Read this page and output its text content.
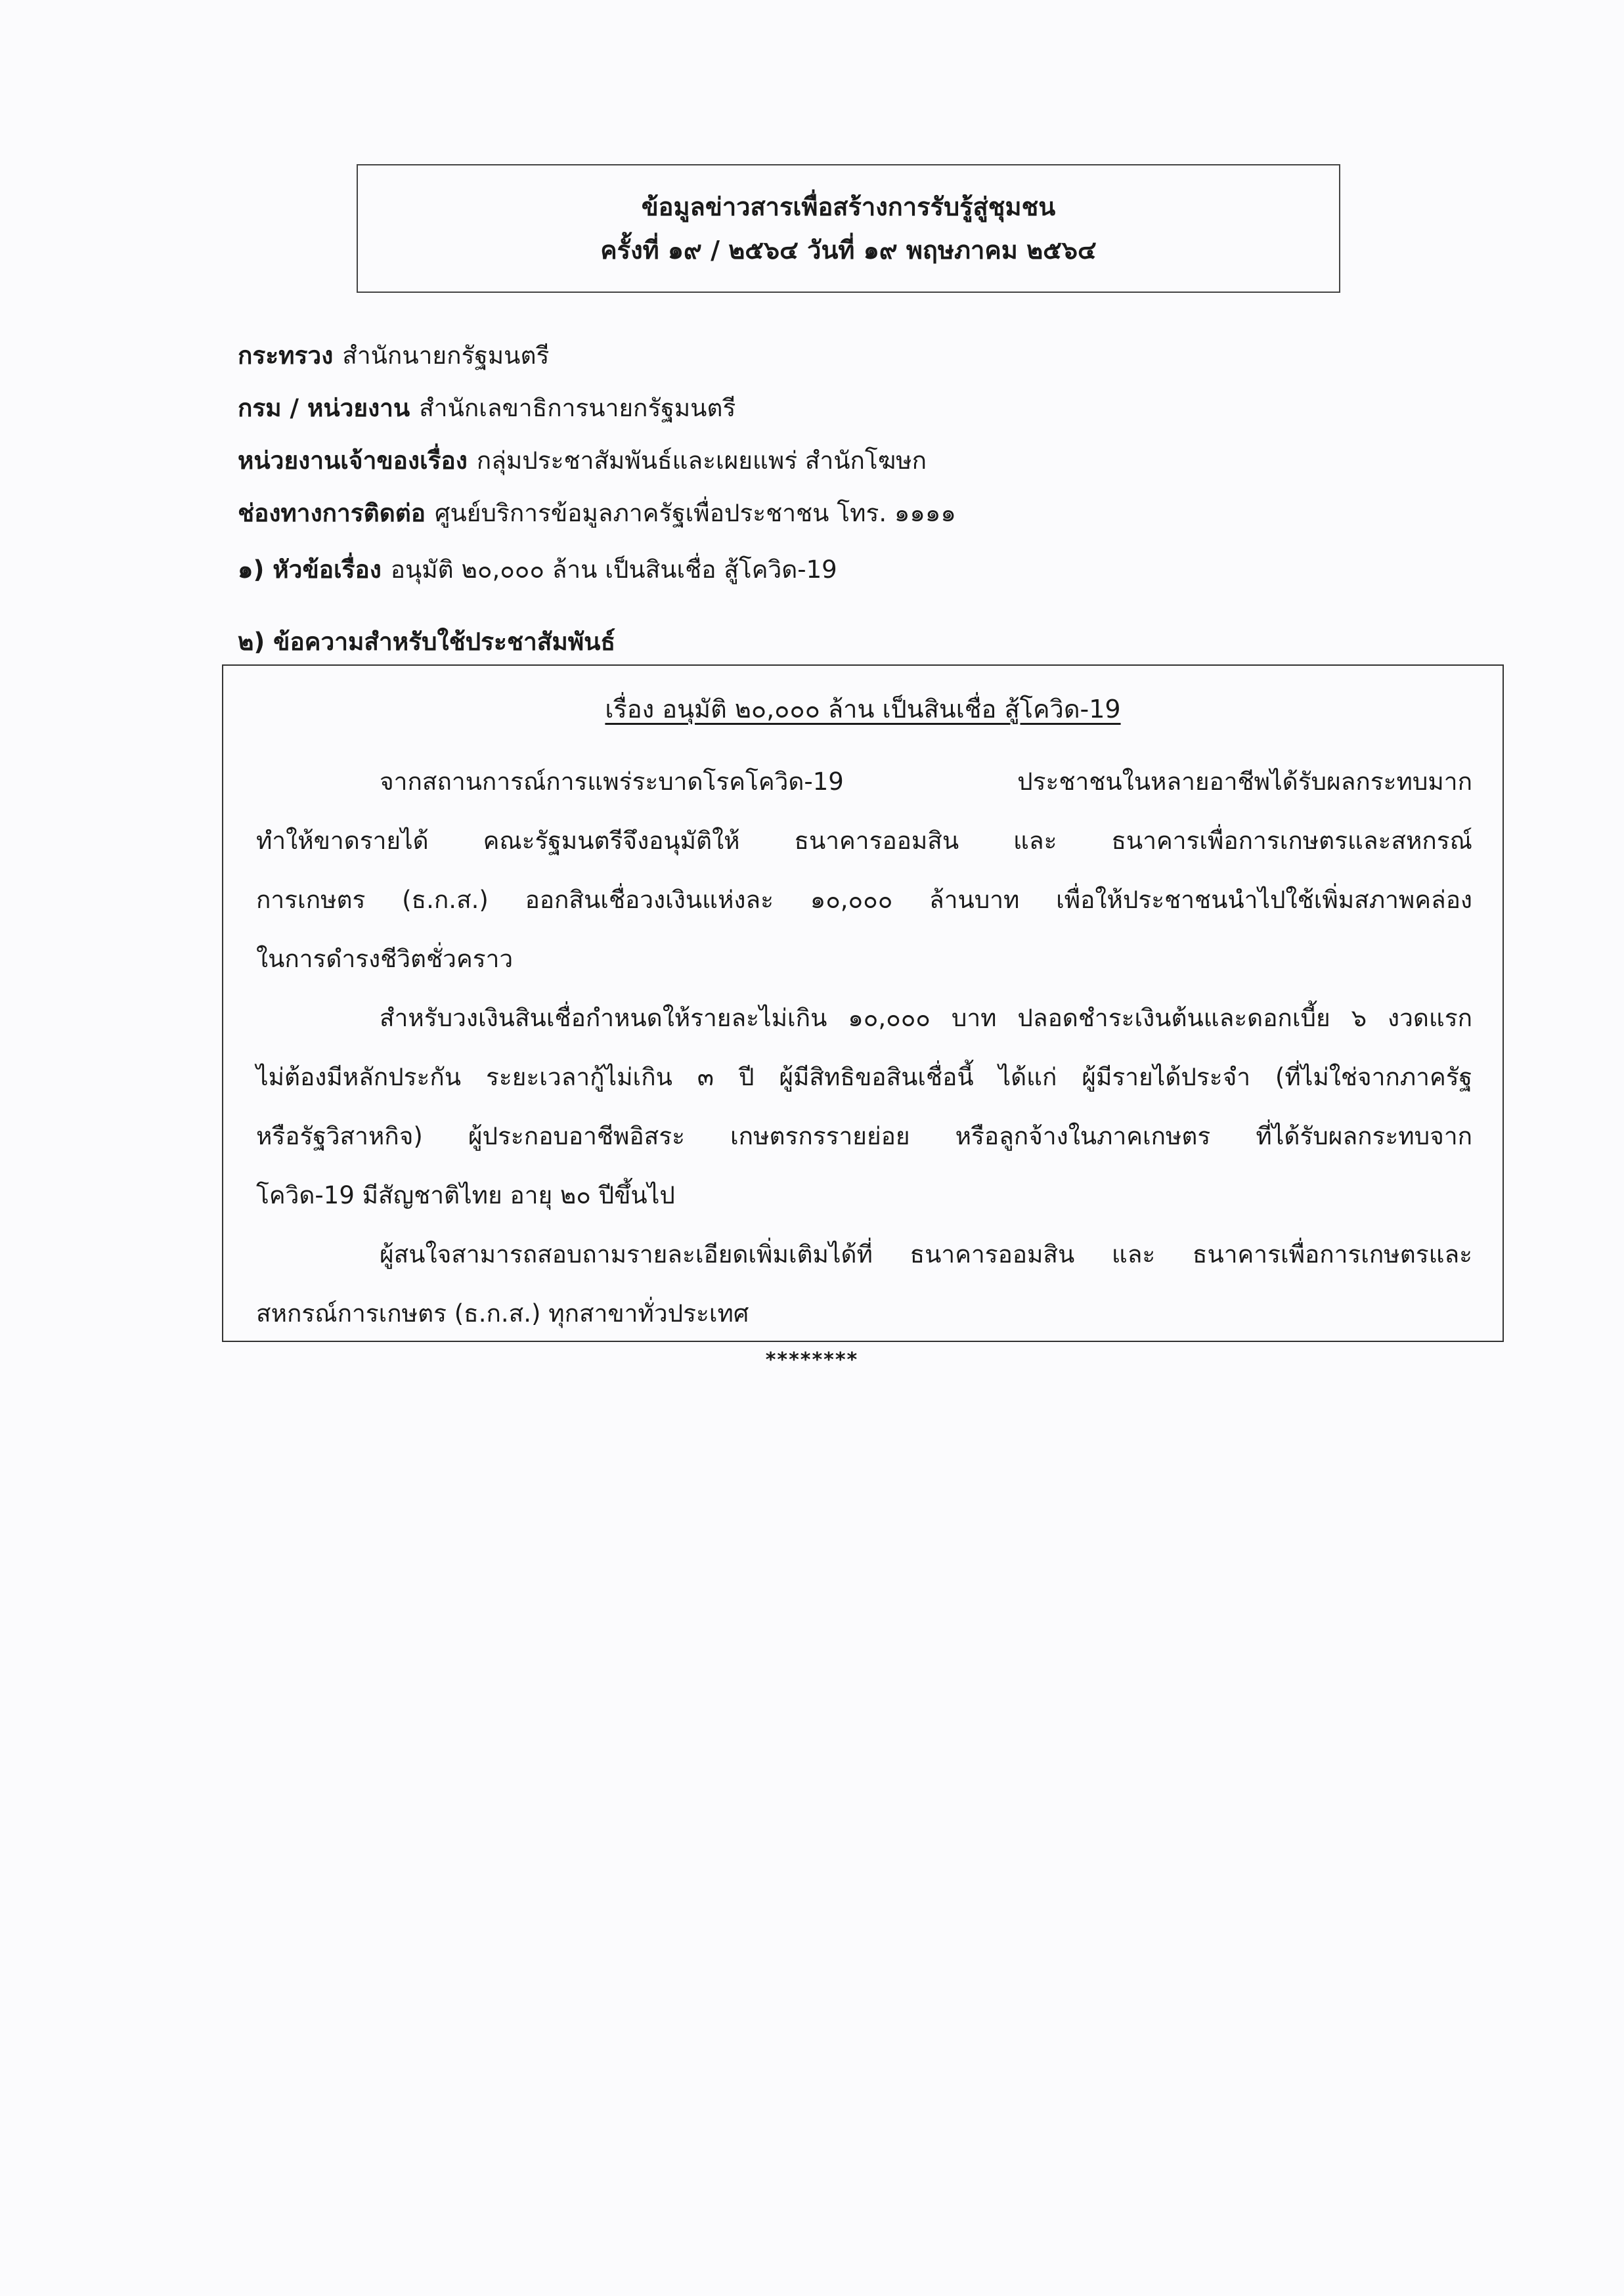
ข้อมูลข่าวสารเพื่อสร้างการรับรู้สู่ชุมชน
ครั้งที่ ๑๙ / ๒๕๖๔ วันที่ ๑๙ พฤษภาคม ๒๕๖๔
กระทรวง สำนักนายกรัฐมนตรี
กรม / หน่วยงาน สำนักเลขาธิการนายกรัฐมนตรี
หน่วยงานเจ้าของเรื่อง กลุ่มประชาสัมพันธ์และเผยแพร่ สำนักโฆษก
ช่องทางการติดต่อ ศูนย์บริการข้อมูลภาครัฐเพื่อประชาชน โทร. ๑๑๑๑
๑) หัวข้อเรื่อง อนุมัติ ๒๐,๐๐๐ ล้าน เป็นสินเชื่อ สู้โควิด-19
๒) ข้อความสำหรับใช้ประชาสัมพันธ์
เรื่อง อนุมัติ ๒๐,๐๐๐ ล้าน เป็นสินเชื่อ สู้โควิด-19
จากสถานการณ์การแพร่ระบาดโรคโควิด-19 ประชาชนในหลายอาชีพได้รับผลกระทบมาก
ทำให้ขาดรายได้ คณะรัฐมนตรีจึงอนุมัติให้ ธนาคารออมสิน และ ธนาคารเพื่อการเกษตรและสหกรณ์
การเกษตร (ธ.ก.ส.) ออกสินเชื่อวงเงินแห่งละ ๑๐,๐๐๐ ล้านบาท เพื่อให้ประชาชนนำไปใช้เพิ่มสภาพคล่อง
ในการดำรงชีวิตชั่วคราว
สำหรับวงเงินสินเชื่อกำหนดให้รายละไม่เกิน ๑๐,๐๐๐ บาท ปลอดชำระเงินต้นและดอกเบี้ย ๖ งวดแรก
ไม่ต้องมีหลักประกัน ระยะเวลากู้ไม่เกิน ๓ ปี ผู้มีสิทธิขอสินเชื่อนี้ ได้แก่ ผู้มีรายได้ประจำ (ที่ไม่ใช่จากภาครัฐ
หรือรัฐวิสาหกิจ) ผู้ประกอบอาชีพอิสระ เกษตรกรรายย่อย หรือลูกจ้างในภาคเกษตร ที่ได้รับผลกระทบจาก
โควิด-19 มีสัญชาติไทย อายุ ๒๐ ปีขึ้นไป
ผู้สนใจสามารถสอบถามรายละเอียดเพิ่มเติมได้ที่ ธนาคารออมสิน และ ธนาคารเพื่อการเกษตรและ
สหกรณ์การเกษตร (ธ.ก.ส.) ทุกสาขาทั่วประเทศ
********
